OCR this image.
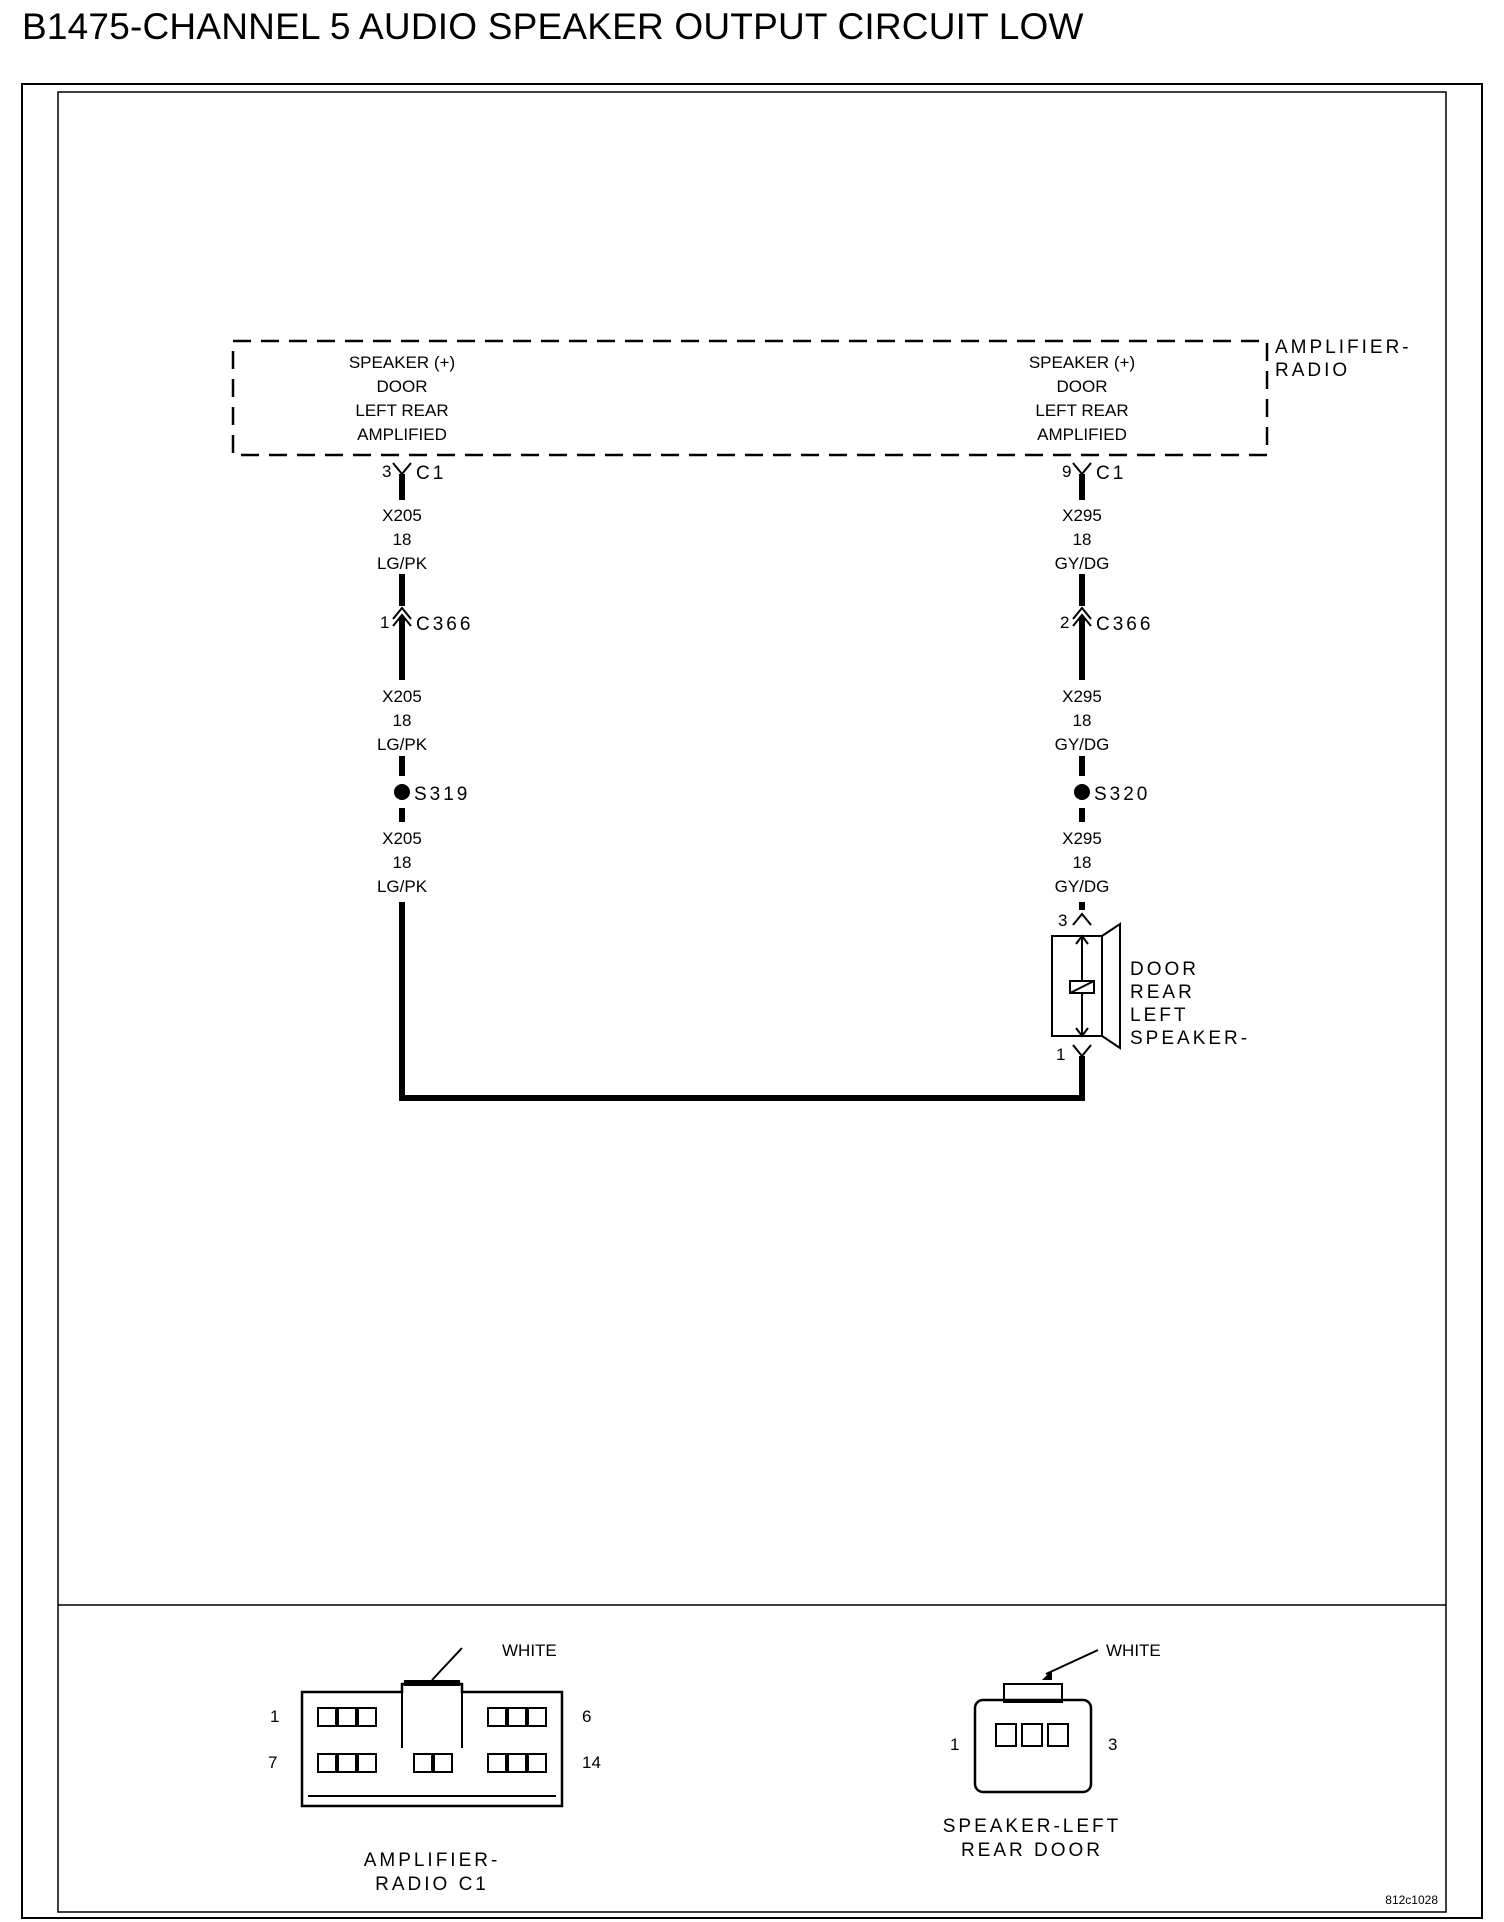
B1475-CHANNEL 5 AUDIO SPEAKER OUTPUT CIRCUIT LOW
AMPLIFIER-
RADIO
SPEAKER (+)
DOOR
LEFT REAR
AMPLIFIED
SPEAKER (+)
DOOR
LEFT REAR
AMPLIFIED
3 C1
X205
18
LG/PK
1 C366
X205
18
LG/PK
S319
X205
18
LG/PK
9 C1
X295
18
GY/DG
2 C366
X295
18
GY/DG
S320
X295
18
GY/DG
3
DOOR
REAR
LEFT
SPEAKER-
1
WHITE
1	6
7	14
AMPLIFIER-
RADIO C1
WHITE
1	3
SPEAKER-LEFT
REAR DOOR
812c1028
